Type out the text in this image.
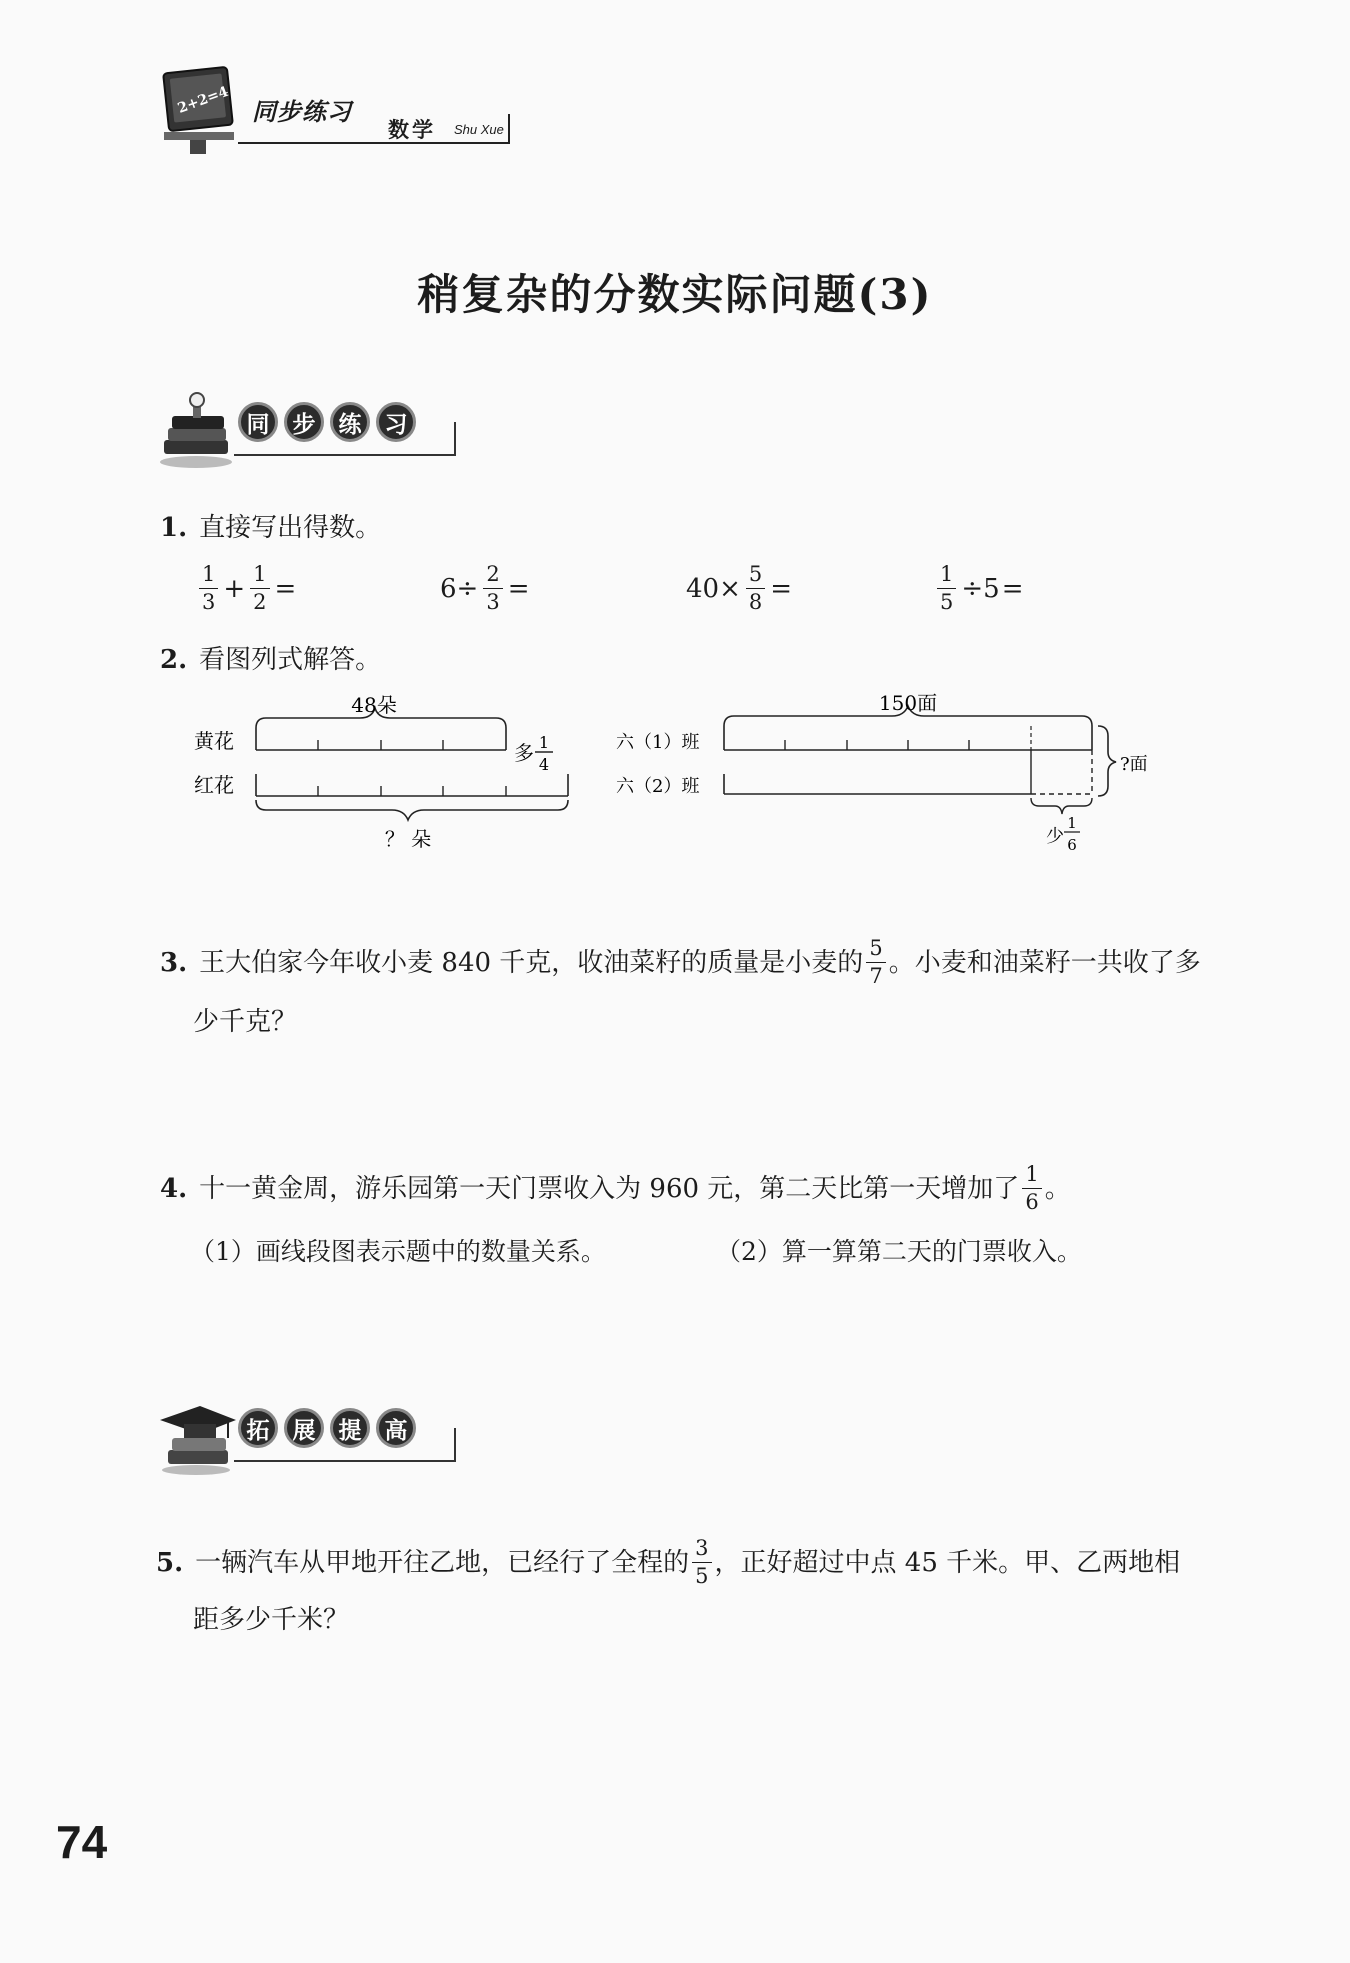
2+2=4 同步练习
数学 Shu Xue
稍复杂的分数实际问题(3)
同	步	练	习
1. 直接写出得数。
$\frac{1}{3} + \frac{1}{2}$ =	$6\div \frac{2}{3}$ =	$40\times \frac{5}{8}$ =	$\frac{1}{5} \div 5$ =
2. 看图列式解答。
48朵
黄花	多 1
4
红花
？ 朵
150面
六（1）班
六（2）班
?面
少
1
6
3. 王大伯家今年收小麦 840 千克，收油菜籽的质量是小麦的 $\frac{5}{7}$ 。小麦和油菜籽一共收了多
少千克？
4. 十一黄金周，游乐园第一天门票收入为 960 元，第二天比第一天增加了 $\frac{1}{6}$ 。
（1）画线段图表示题中的数量关系。	（2）算一算第二天的门票收入。
拓	展	提	高
5. 一辆汽车从甲地开往乙地，已经行了全程的 $\frac{3}{5}$ ，正好超过中点 45 千米。甲、乙两地相
距多少千米？
74
